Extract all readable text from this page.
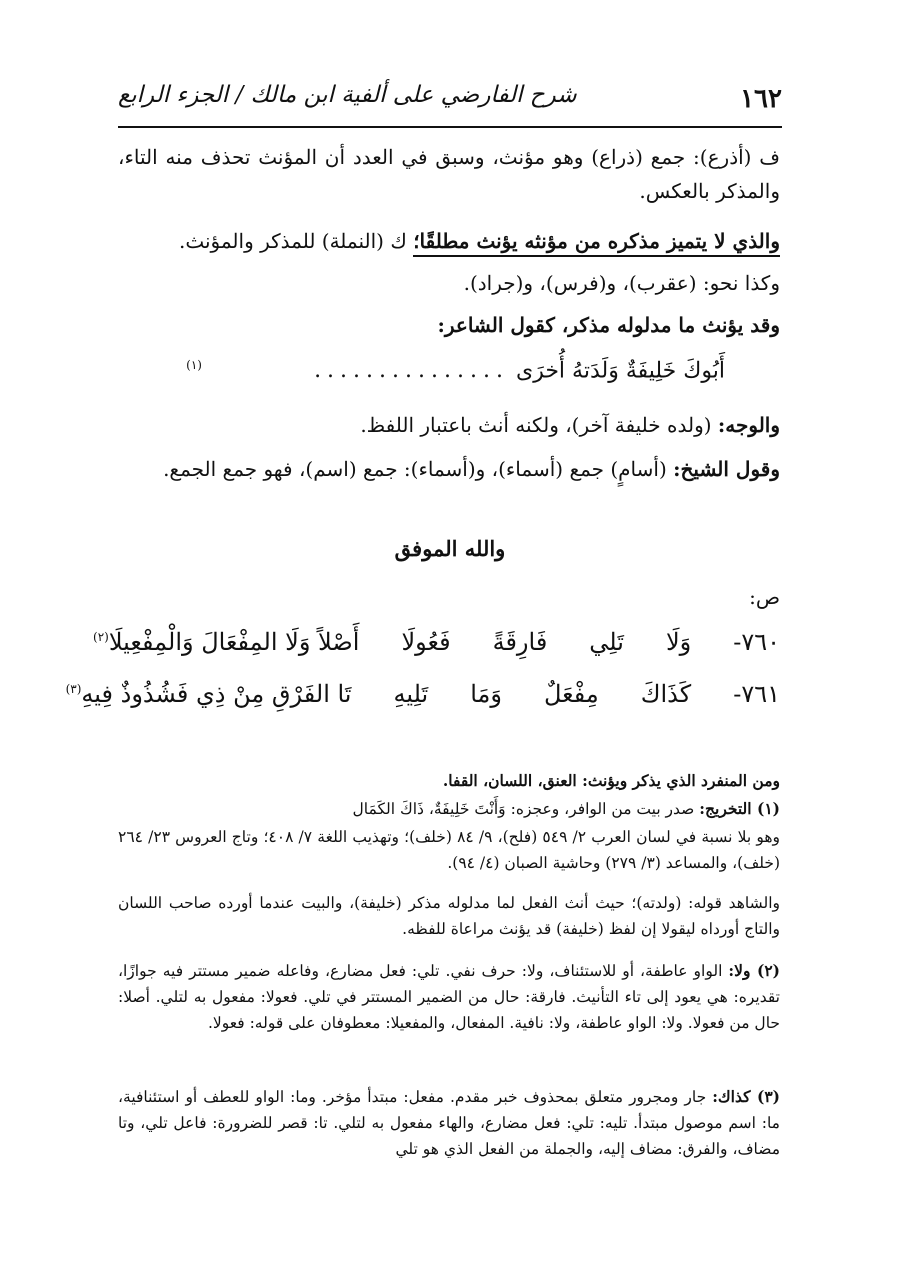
١٦٢
شرح الفارضي على ألفية ابن مالك / الجزء الرابع
ف (أذرع): جمع (ذراع) وهو مؤنث، وسبق في العدد أن المؤنث تحذف منه التاء، والمذكر بالعكس.
والذي لا يتميز مذكره من مؤنثه يؤنث مطلقًا؛ ك (النملة) للمذكر والمؤنث.
وكذا نحو: (عقرب)، و(فرس)، و(جراد).
وقد يؤنث ما مدلوله مذكر، كقول الشاعر:
أَبُوكَ خَلِيفَةٌ وَلَدَتهُ أُخرَى ............... $^{(١)}$
والوجه: (ولده خليفة آخر)، ولكنه أنث باعتبار اللفظ.
وقول الشيخ: (أسامٍ) جمع (أسماء)، و(أسماء): جمع (اسم)، فهو جمع الجمع.
والله الموفق
ص:
٧٦٠-
وَلَا
تَلِي
فَارِقَةً
فَعُولَا
أَصْلاً وَلَا المِفْعَالَ وَالْمِفْعِيلَا$^{(٢)}$
٧٦١-
كَذَاكَ
مِفْعَلٌ
وَمَا
تَلِيهِ
تَا الفَرْقِ مِنْ ذِي فَشُذُوذٌ فِيهِ$^{(٣)}$
ومن المنفرد الذي يذكر ويؤنث: العنق، اللسان، القفا.
(١) التخريج: صدر بيت من الوافر، وعجزه: وَأَنْتَ خَلِيفَةٌ، ذَاكَ الكَمَال
وهو بلا نسبة في لسان العرب ٢/ ٥٤٩ (فلح)، ٩/ ٨٤ (خلف)؛ وتهذيب اللغة ٧/ ٤٠٨؛ وتاج العروس ٢٣/ ٢٦٤ (خلف)، والمساعد (٣/ ٢٧٩) وحاشية الصبان (٤/ ٩٤).
والشاهد قوله: (ولدته)؛ حيث أنث الفعل لما مدلوله مذكر (خليفة)، والبيت عندما أورده صاحب اللسان والتاج أورداه ليقولا إن لفظ (خليفة) قد يؤنث مراعاة للفظه.
(٢) ولا: الواو عاطفة، أو للاستئناف، ولا: حرف نفي. تلي: فعل مضارع، وفاعله ضمير مستتر فيه جوازًا، تقديره: هي يعود إلى تاء التأنيث. فارقة: حال من الضمير المستتر في تلي. فعولا: مفعول به لتلي. أصلا: حال من فعولا. ولا: الواو عاطفة، ولا: نافية. المفعال، والمفعيلا: معطوفان على قوله: فعولا.
(٣) كذاك: جار ومجرور متعلق بمحذوف خبر مقدم. مفعل: مبتدأ مؤخر. وما: الواو للعطف أو استئنافية، ما: اسم موصول مبتدأ. تليه: تلي: فعل مضارع، والهاء مفعول به لتلي. تا: قصر للضرورة: فاعل تلي، وتا مضاف، والفرق: مضاف إليه، والجملة من الفعل الذي هو تلي
